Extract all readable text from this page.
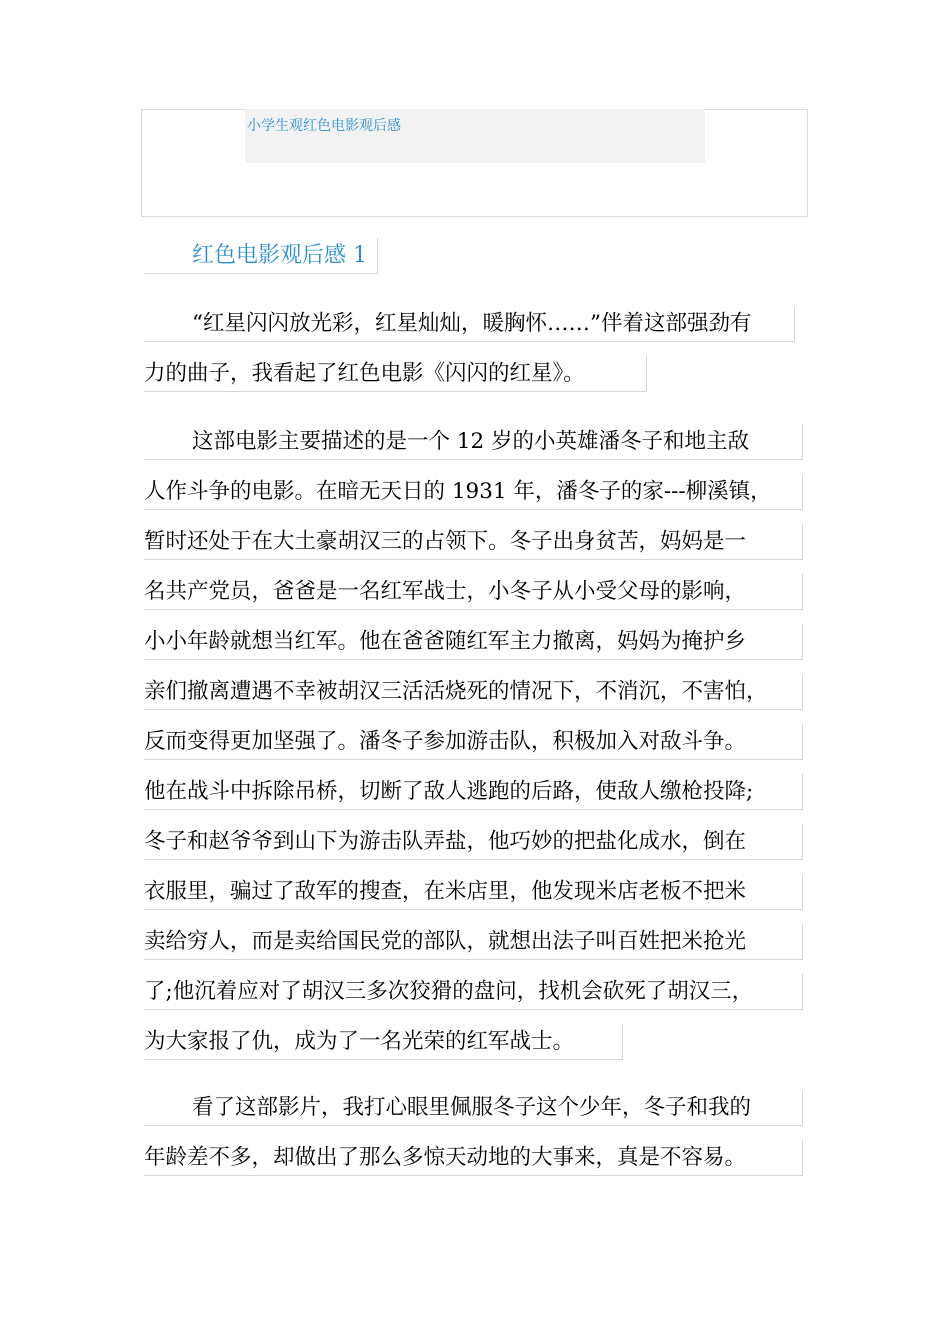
小学生观红色电影观后感
红色电影观后感 1
“红星闪闪放光彩，红星灿灿，暖胸怀……”伴着这部强劲有
力的曲子，我看起了红色电影《闪闪的红星》。
这部电影主要描述的是一个 12 岁的小英雄潘冬子和地主敌
人作斗争的电影。在暗无天日的 1931 年，潘冬子的家---柳溪镇，
暂时还处于在大土豪胡汉三的占领下。冬子出身贫苦，妈妈是一
名共产党员，爸爸是一名红军战士，小冬子从小受父母的影响，
小小年龄就想当红军。他在爸爸随红军主力撤离，妈妈为掩护乡
亲们撤离遭遇不幸被胡汉三活活烧死的情况下，不消沉，不害怕，
反而变得更加坚强了。潘冬子参加游击队，积极加入对敌斗争。
他在战斗中拆除吊桥，切断了敌人逃跑的后路，使敌人缴枪投降;
冬子和赵爷爷到山下为游击队弄盐，他巧妙的把盐化成水，倒在
衣服里，骗过了敌军的搜查，在米店里，他发现米店老板不把米
卖给穷人，而是卖给国民党的部队，就想出法子叫百姓把米抢光
了;他沉着应对了胡汉三多次狡猾的盘问，找机会砍死了胡汉三，
为大家报了仇，成为了一名光荣的红军战士。
看了这部影片，我打心眼里佩服冬子这个少年，冬子和我的
年龄差不多，却做出了那么多惊天动地的大事来，真是不容易。
